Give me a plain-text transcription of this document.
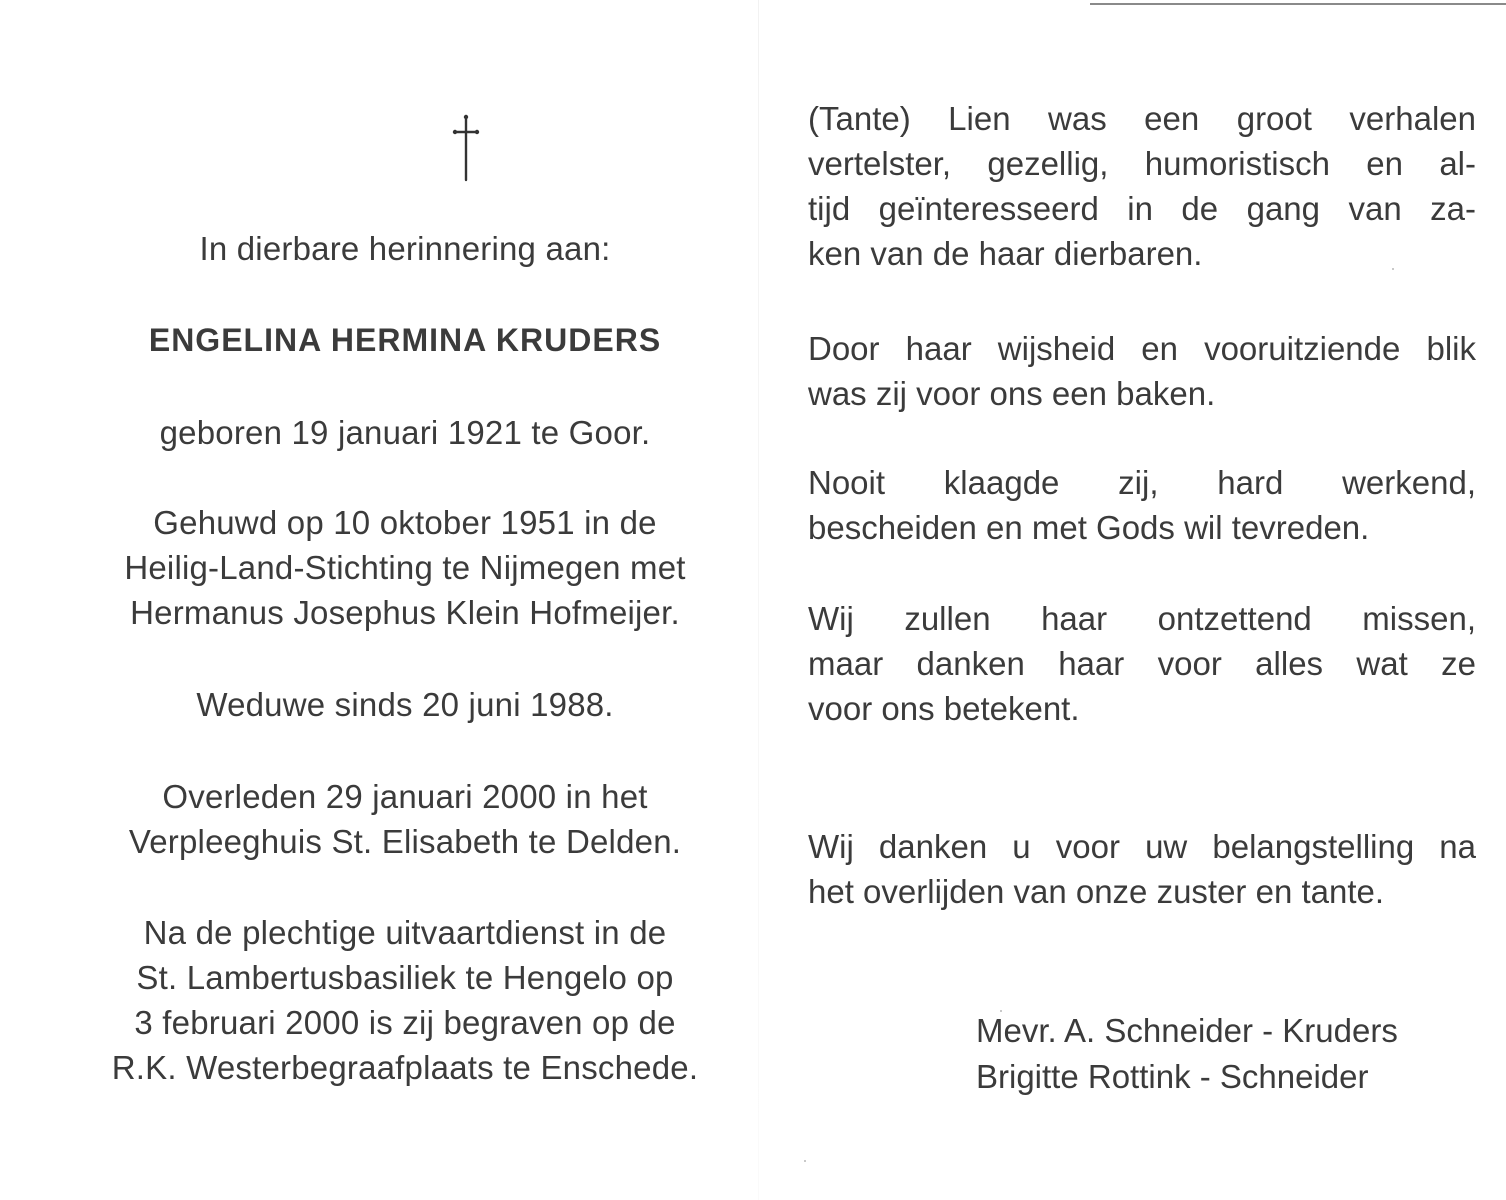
In dierbare herinnering aan:
ENGELINA HERMINA KRUDERS
geboren 19 januari 1921 te Goor.
Gehuwd op 10 oktober 1951 in de
Heilig-Land-Stichting te Nijmegen met
Hermanus Josephus Klein Hofmeijer.
Weduwe sinds 20 juni 1988.
Overleden 29 januari 2000 in het
Verpleeghuis St. Elisabeth te Delden.
Na de plechtige uitvaartdienst in de
St. Lambertusbasiliek te Hengelo op
3 februari 2000 is zij begraven op de
R.K. Westerbegraafplaats te Enschede.
(Tante) Lien was een groot verhalen
vertelster, gezellig, humoristisch en al-
tijd geïnteresseerd in de gang van za-
ken van de haar dierbaren.
Door haar wijsheid en vooruitziende blik
was zij voor ons een baken.
Nooit klaagde zij, hard werkend,
bescheiden en met Gods wil tevreden.
Wij zullen haar ontzettend missen,
maar danken haar voor alles wat ze
voor ons betekent.
Wij danken u voor uw belangstelling na
het overlijden van onze zuster en tante.
Mevr. A. Schneider - Kruders
Brigitte Rottink - Schneider
